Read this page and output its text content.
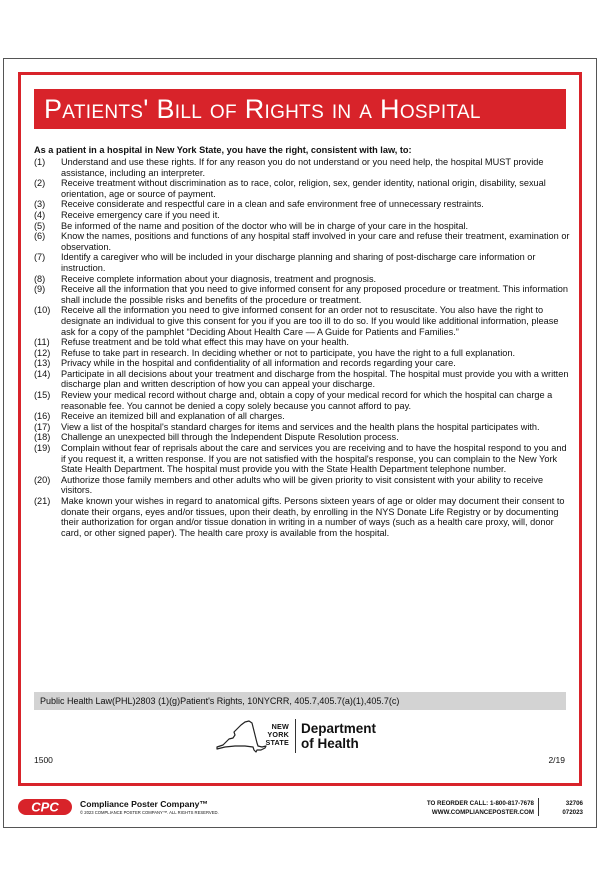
Patients' Bill of Rights in a Hospital
As a patient in a hospital in New York State, you have the right, consistent with law, to:
(1)	Understand and use these rights. If for any reason you do not understand or you need help, the hospital MUST provide assistance, including an interpreter.
(2)	Receive treatment without discrimination as to race, color, religion, sex, gender identity, national origin, disability, sexual orientation, age or source of payment.
(3)	Receive considerate and respectful care in a clean and safe environment free of unnecessary restraints.
(4)	Receive emergency care if you need it.
(5)	Be informed of the name and position of the doctor who will be in charge of your care in the hospital.
(6)	Know the names, positions and functions of any hospital staff involved in your care and refuse their treatment, examination or observation.
(7)	Identify a caregiver who will be included in your discharge planning and sharing of post-discharge care information or instruction.
(8)	Receive complete information about your diagnosis, treatment and prognosis.
(9)	Receive all the information that you need to give informed consent for any proposed procedure or treatment. This information shall include the possible risks and benefits of the procedure or treatment.
(10)	Receive all the information you need to give informed consent for an order not to resuscitate. You also have the right to designate an individual to give this consent for you if you are too ill to do so. If you would like additional information, please ask for a copy of the pamphlet “Deciding About Health Care — A Guide for Patients and Families.”
(11)	Refuse treatment and be told what effect this may have on your health.
(12)	Refuse to take part in research. In deciding whether or not to participate, you have the right to a full explanation.
(13)	Privacy while in the hospital and confidentiality of all information and records regarding your care.
(14)	Participate in all decisions about your treatment and discharge from the hospital. The hospital must provide you with a written discharge plan and written description of how you can appeal your discharge.
(15)	Review your medical record without charge and, obtain a copy of your medical record for which the hospital can charge a reasonable fee. You cannot be denied a copy solely because you cannot afford to pay.
(16)	Receive an itemized bill and explanation of all charges.
(17)	View a list of the hospital's standard charges for items and services and the health plans the hospital participates with.
(18)	Challenge an unexpected bill through the Independent Dispute Resolution process.
(19)	Complain without fear of reprisals about the care and services you are receiving and to have the hospital respond to you and if you request it, a written response. If you are not satisfied with the hospital's response, you can complain to the New York State Health Department. The hospital must provide you with the State Health Department telephone number.
(20)	Authorize those family members and other adults who will be given priority to visit consistent with your ability to receive visitors.
(21)	Make known your wishes in regard to anatomical gifts. Persons sixteen years of age or older may document their consent to donate their organs, eyes and/or tissues, upon their death, by enrolling in the NYS Donate Life Registry or by documenting their authorization for organ and/or tissue donation in writing in a number of ways (such as a health care proxy, will, donor card, or other signed paper). The health care proxy is available from the hospital.
Public Health Law(PHL)2803 (1)(g)Patient's Rights, 10NYCRR, 405.7,405.7(a)(1),405.7(c)
NEW
YORK
STATE
Department
of Health
1500	2/19
CPC Compliance Poster Company™
© 2023 COMPLIANCE POSTER COMPANY™. ALL RIGHTS RESERVED.
TO REORDER CALL: 1-800-817-7678
WWW.COMPLIANCEPOSTER.COM
32706
072023
